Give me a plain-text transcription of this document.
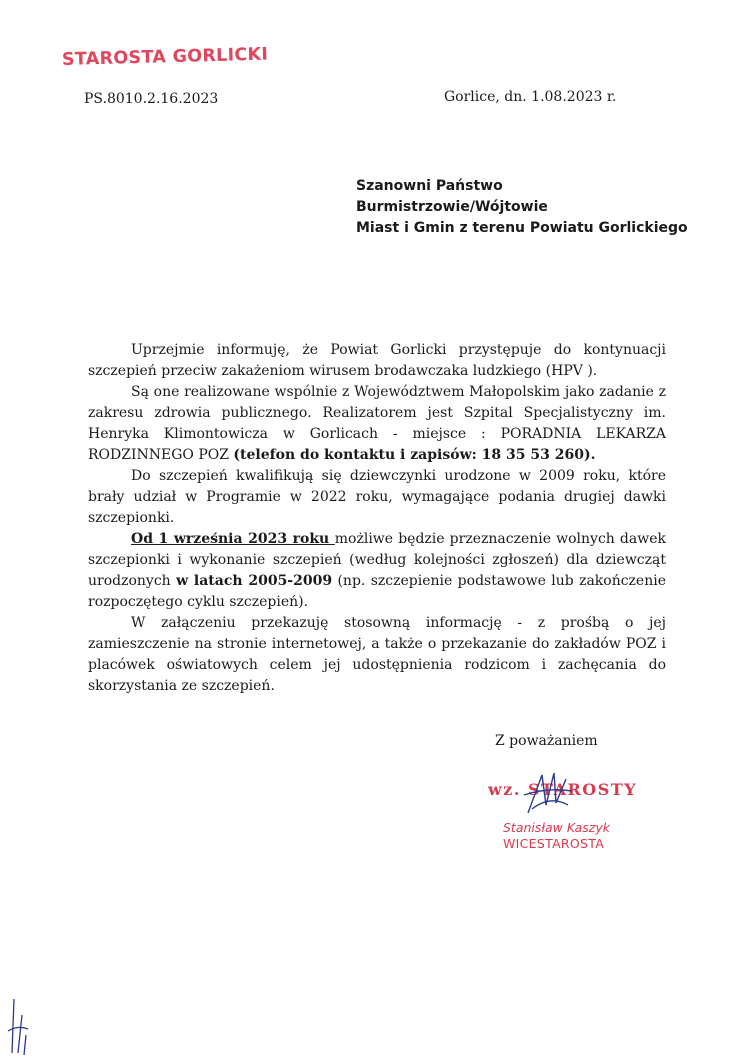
STAROSTA GORLICKI
PS.8010.2.16.2023	Gorlice, dn. 1.08.2023 r.
Szanowni Państwo
Burmistrzowie/Wójtowie
Miast i Gmin z terenu Powiatu Gorlickiego

Uprzejmie informuję, że Powiat Gorlicki przystępuje do kontynuacji szczepień przeciw zakażeniom wirusem brodawczaka ludzkiego (HPV ).

Są one realizowane wspólnie z Województwem Małopolskim jako zadanie z zakresu zdrowia publicznego. Realizatorem jest Szpital Specjalistyczny im. Henryka Klimontowicza w Gorlicach - miejsce : PORADNIA LEKARZA RODZINNEGO POZ (telefon do kontaktu i zapisów: 18 35 53 260).

Do szczepień kwalifikują się dziewczynki urodzone w 2009 roku, które brały udział w Programie w 2022 roku, wymagające podania drugiej dawki szczepionki.

Od 1 września 2023 roku możliwe będzie przeznaczenie wolnych dawek szczepionki i wykonanie szczepień (według kolejności zgłoszeń) dla dziewcząt urodzonych w latach 2005-2009 (np. szczepienie podstawowe lub zakończenie rozpoczętego cyklu szczepień).

W załączeniu przekazuję stosowną informację - z prośbą o jej zamieszczenie na stronie internetowej, a także o przekazanie do zakładów POZ i placówek oświatowych celem jej udostępnienia rodzicom i zachęcania do skorzystania ze szczepień.

Z poważaniem
wz. STAROSTY
Stanisław Kaszyk
WICESTAROSTA
